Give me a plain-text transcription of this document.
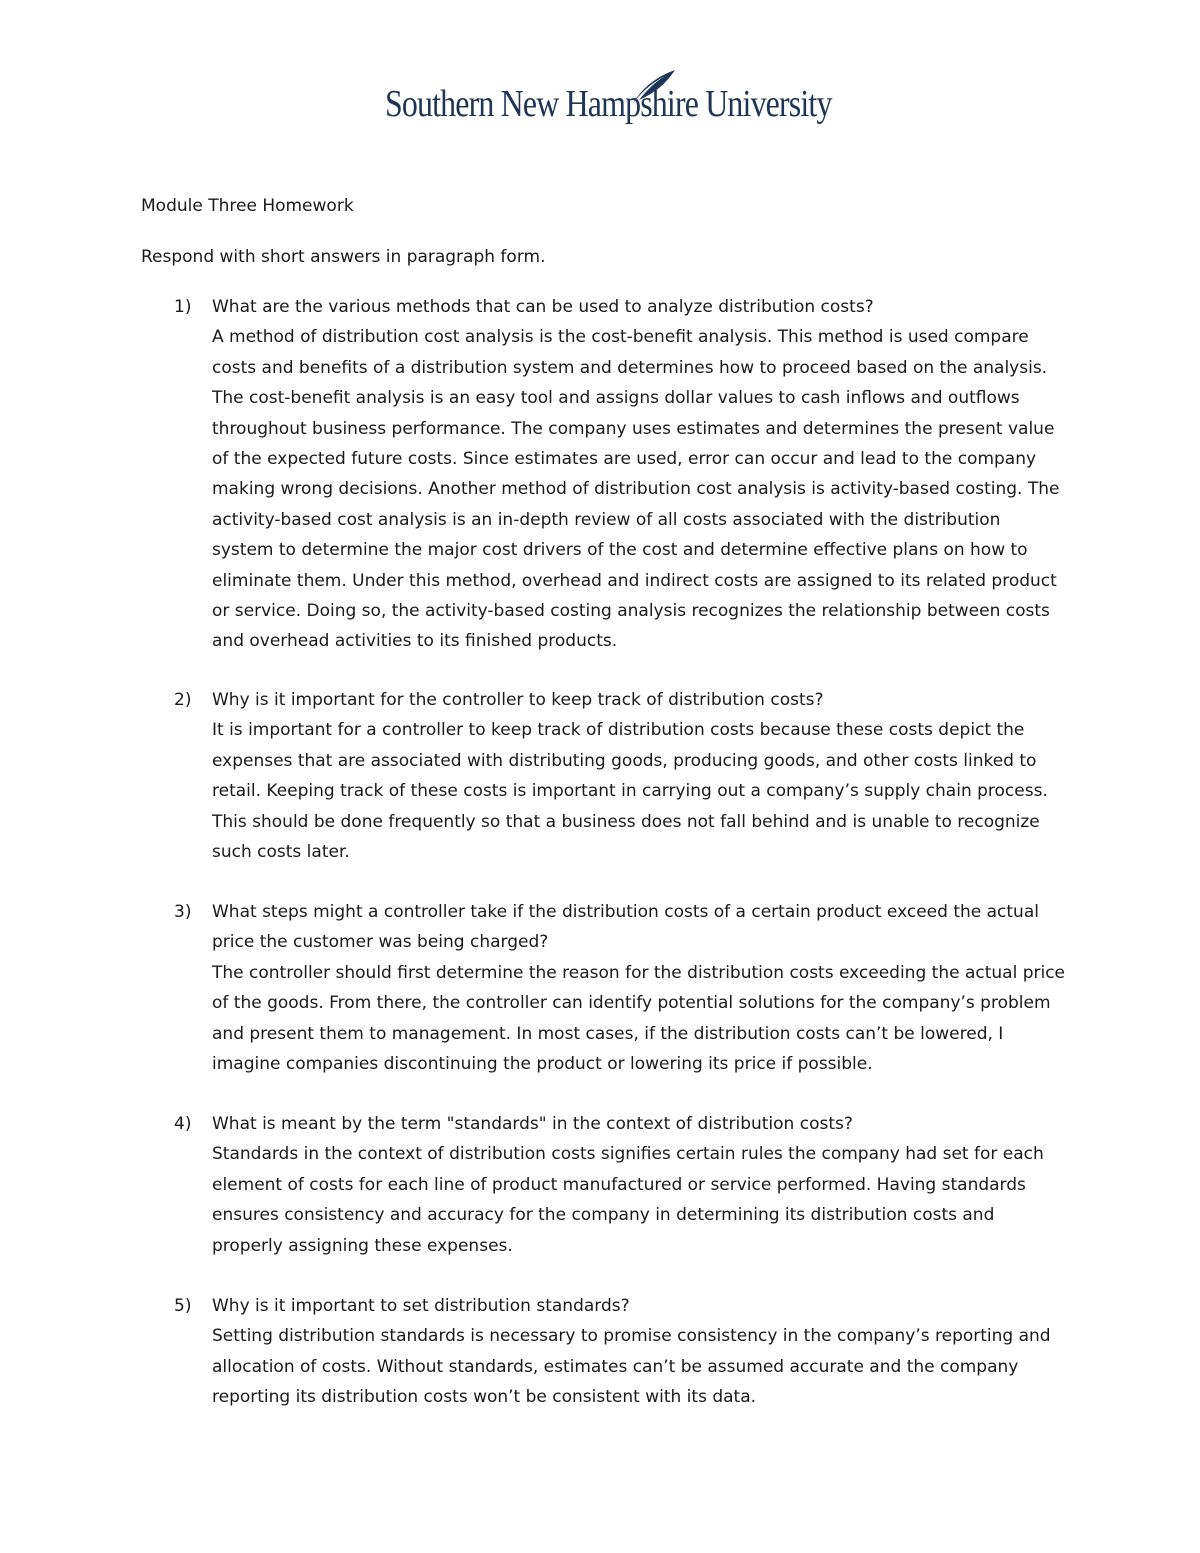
Southern New Hampshire University
Module Three Homework
Respond with short answers in paragraph form.
1)	What are the various methods that can be used to analyze distribution costs?
A method of distribution cost analysis is the cost-benefit analysis. This method is used compare costs and benefits of a distribution system and determines how to proceed based on the analysis. The cost-benefit analysis is an easy tool and assigns dollar values to cash inflows and outflows throughout business performance. The company uses estimates and determines the present value of the expected future costs. Since estimates are used, error can occur and lead to the company making wrong decisions. Another method of distribution cost analysis is activity-based costing. The activity-based cost analysis is an in-depth review of all costs associated with the distribution system to determine the major cost drivers of the cost and determine effective plans on how to eliminate them. Under this method, overhead and indirect costs are assigned to its related product or service. Doing so, the activity-based costing analysis recognizes the relationship between costs and overhead activities to its finished products.
2)	Why is it important for the controller to keep track of distribution costs?
It is important for a controller to keep track of distribution costs because these costs depict the expenses that are associated with distributing goods, producing goods, and other costs linked to retail. Keeping track of these costs is important in carrying out a company’s supply chain process. This should be done frequently so that a business does not fall behind and is unable to recognize such costs later.
3)	What steps might a controller take if the distribution costs of a certain product exceed the actual price the customer was being charged?
The controller should first determine the reason for the distribution costs exceeding the actual price of the goods. From there, the controller can identify potential solutions for the company’s problem and present them to management. In most cases, if the distribution costs can’t be lowered, I imagine companies discontinuing the product or lowering its price if possible.
4)	What is meant by the term "standards" in the context of distribution costs?
Standards in the context of distribution costs signifies certain rules the company had set for each element of costs for each line of product manufactured or service performed. Having standards ensures consistency and accuracy for the company in determining its distribution costs and properly assigning these expenses.
5)	Why is it important to set distribution standards?
Setting distribution standards is necessary to promise consistency in the company’s reporting and allocation of costs. Without standards, estimates can’t be assumed accurate and the company reporting its distribution costs won’t be consistent with its data.
